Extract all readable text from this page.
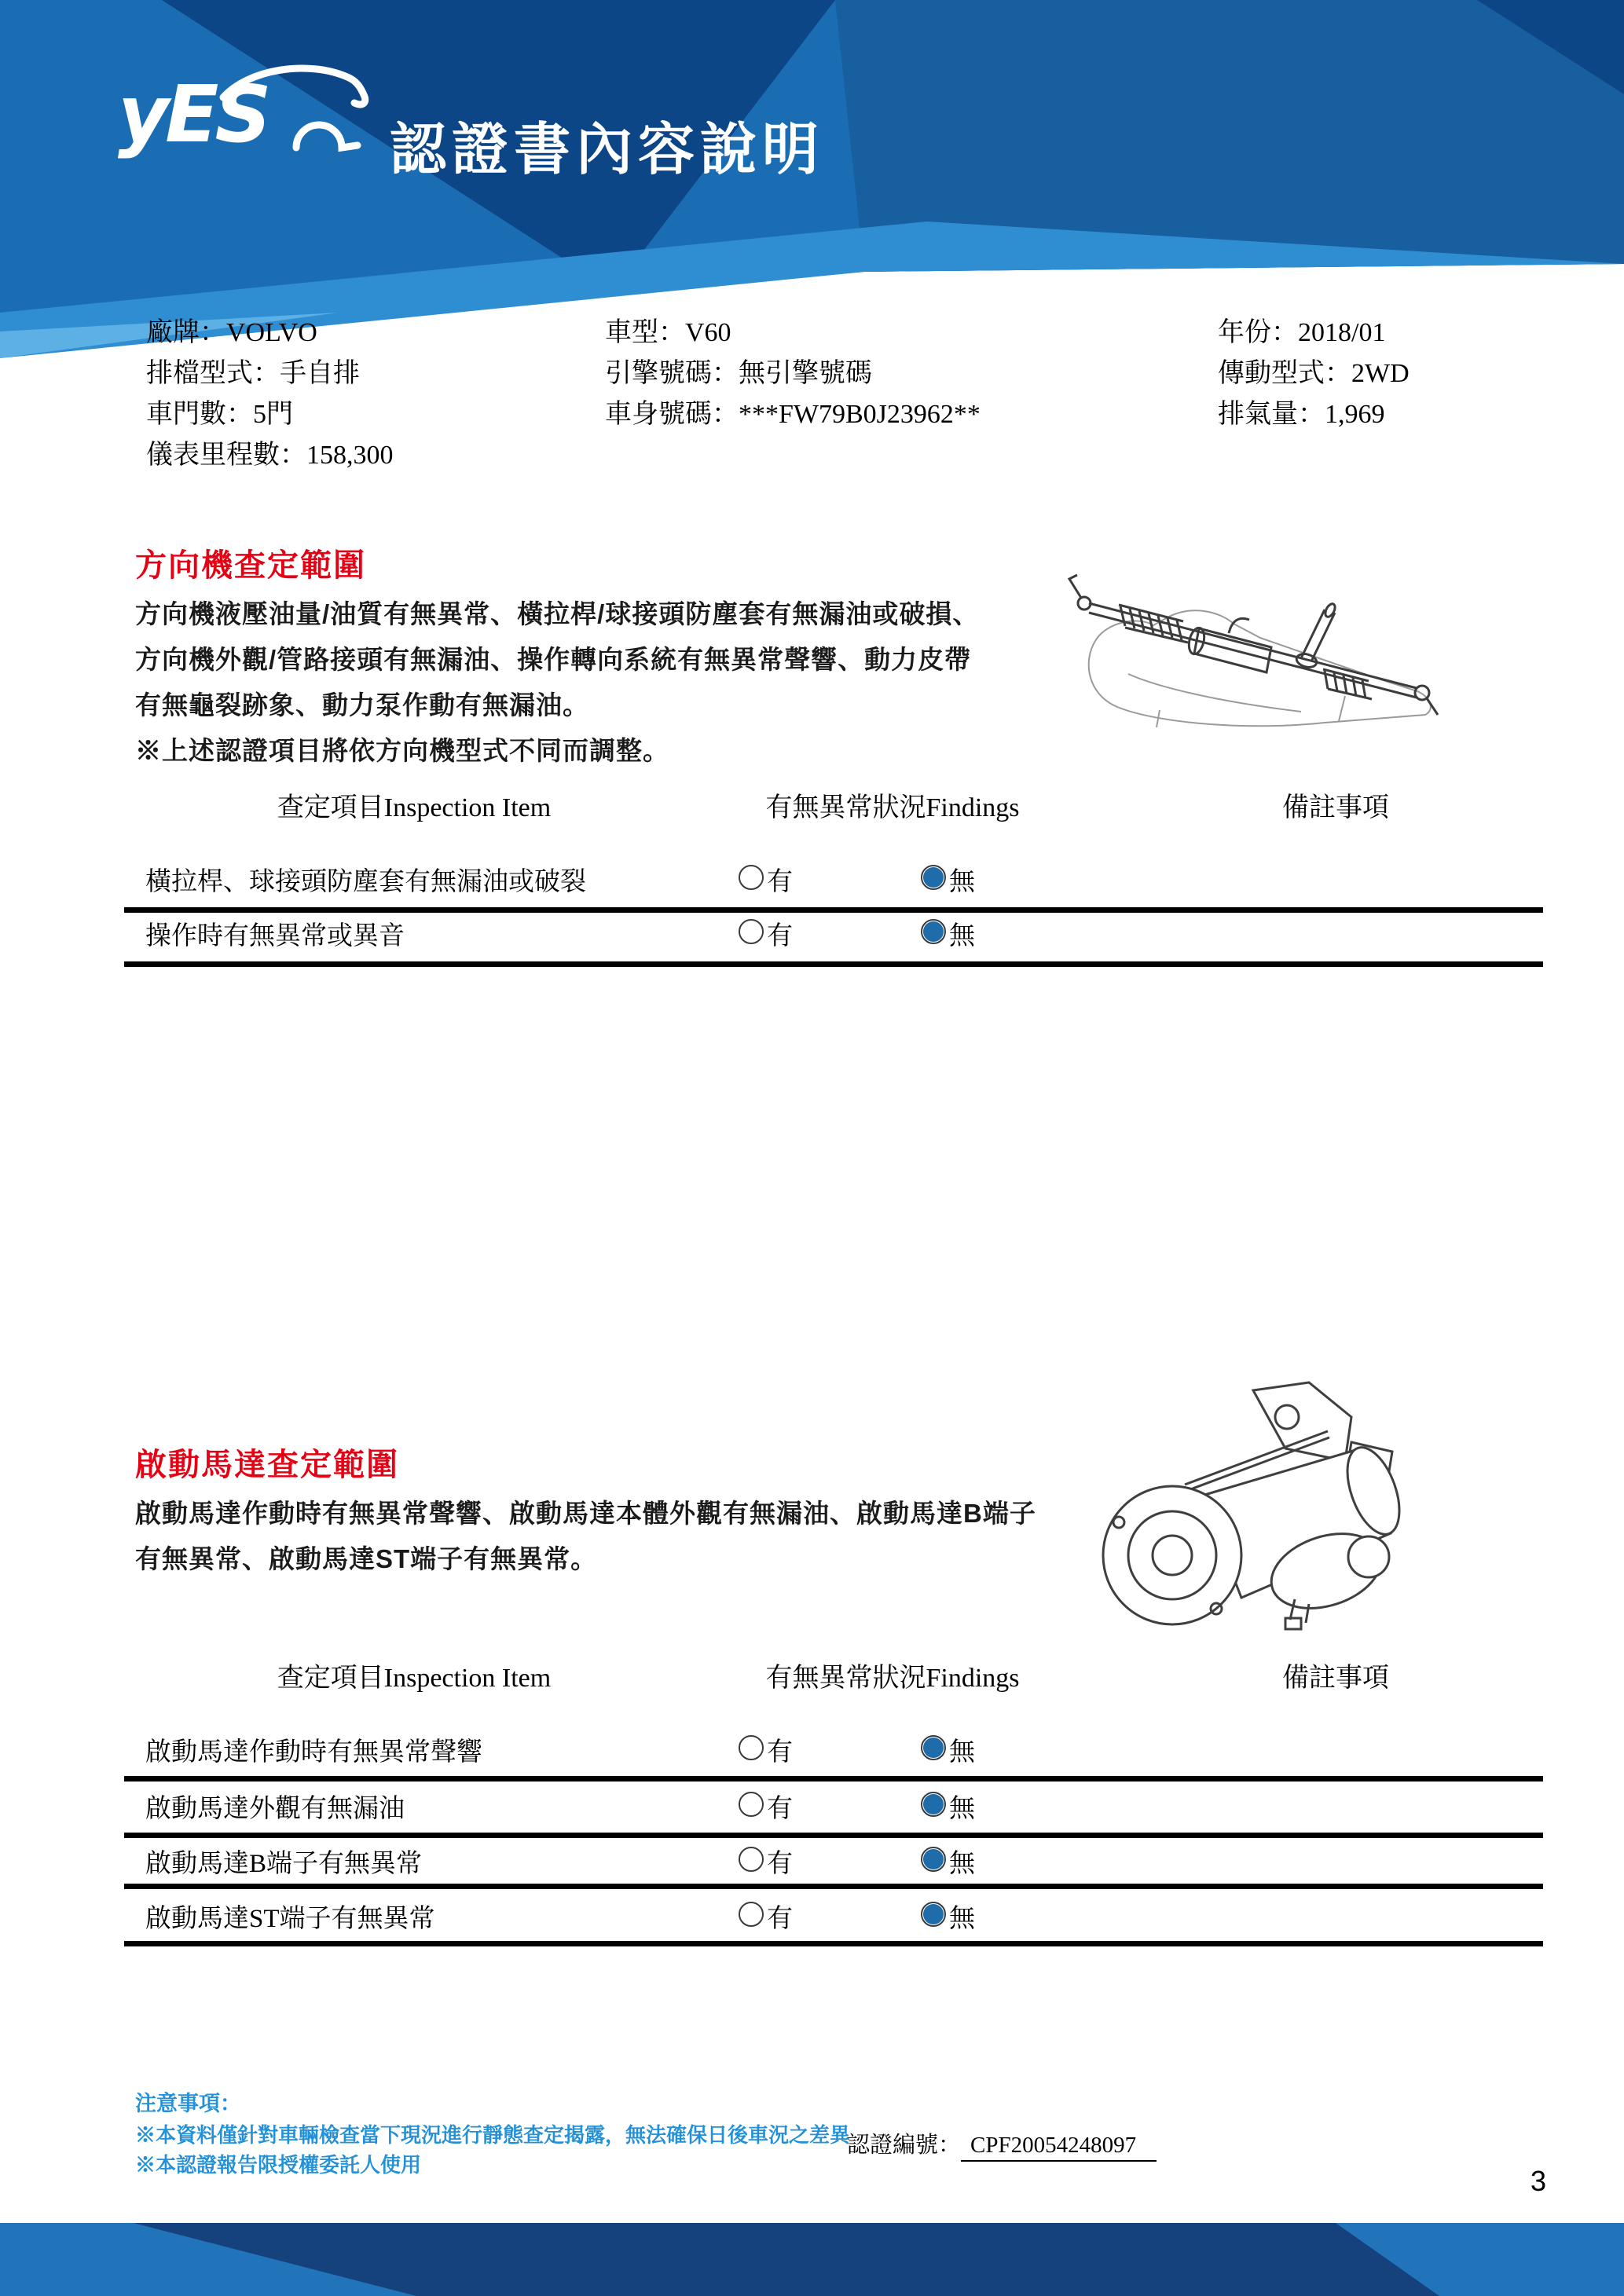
yES 認證書內容說明
廠牌：VOLVO
排檔型式：手自排
車門數：5門
儀表里程數：158,300
車型：V60
引擎號碼：無引擎號碼
車身號碼：***FW79B0J23962**
年份：2018/01
傳動型式：2WD
排氣量：1,969
方向機查定範圍
方向機液壓油量/油質有無異常、橫拉桿/球接頭防塵套有無漏油或破損、
方向機外觀/管路接頭有無漏油、操作轉向系統有無異常聲響、動力皮帶
有無龜裂跡象、動力泵作動有無漏油。
※上述認證項目將依方向機型式不同而調整。
查定項目Inspection Item	有無異常狀況Findings	備註事項
橫拉桿、球接頭防塵套有無漏油或破裂	有	無
操作時有無異常或異音	有	無
啟動馬達查定範圍
啟動馬達作動時有無異常聲響、啟動馬達本體外觀有無漏油、啟動馬達B端子
有無異常、啟動馬達ST端子有無異常。
查定項目Inspection Item	有無異常狀況Findings	備註事項
啟動馬達作動時有無異常聲響	有	無
啟動馬達外觀有無漏油	有	無
啟動馬達B端子有無異常	有	無
啟動馬達ST端子有無異常	有	無
注意事項：
※本資料僅針對車輛檢查當下現況進行靜態查定揭露，無法確保日後車況之差異
※本認證報告限授權委託人使用
認證編號： CPF20054248097
3
